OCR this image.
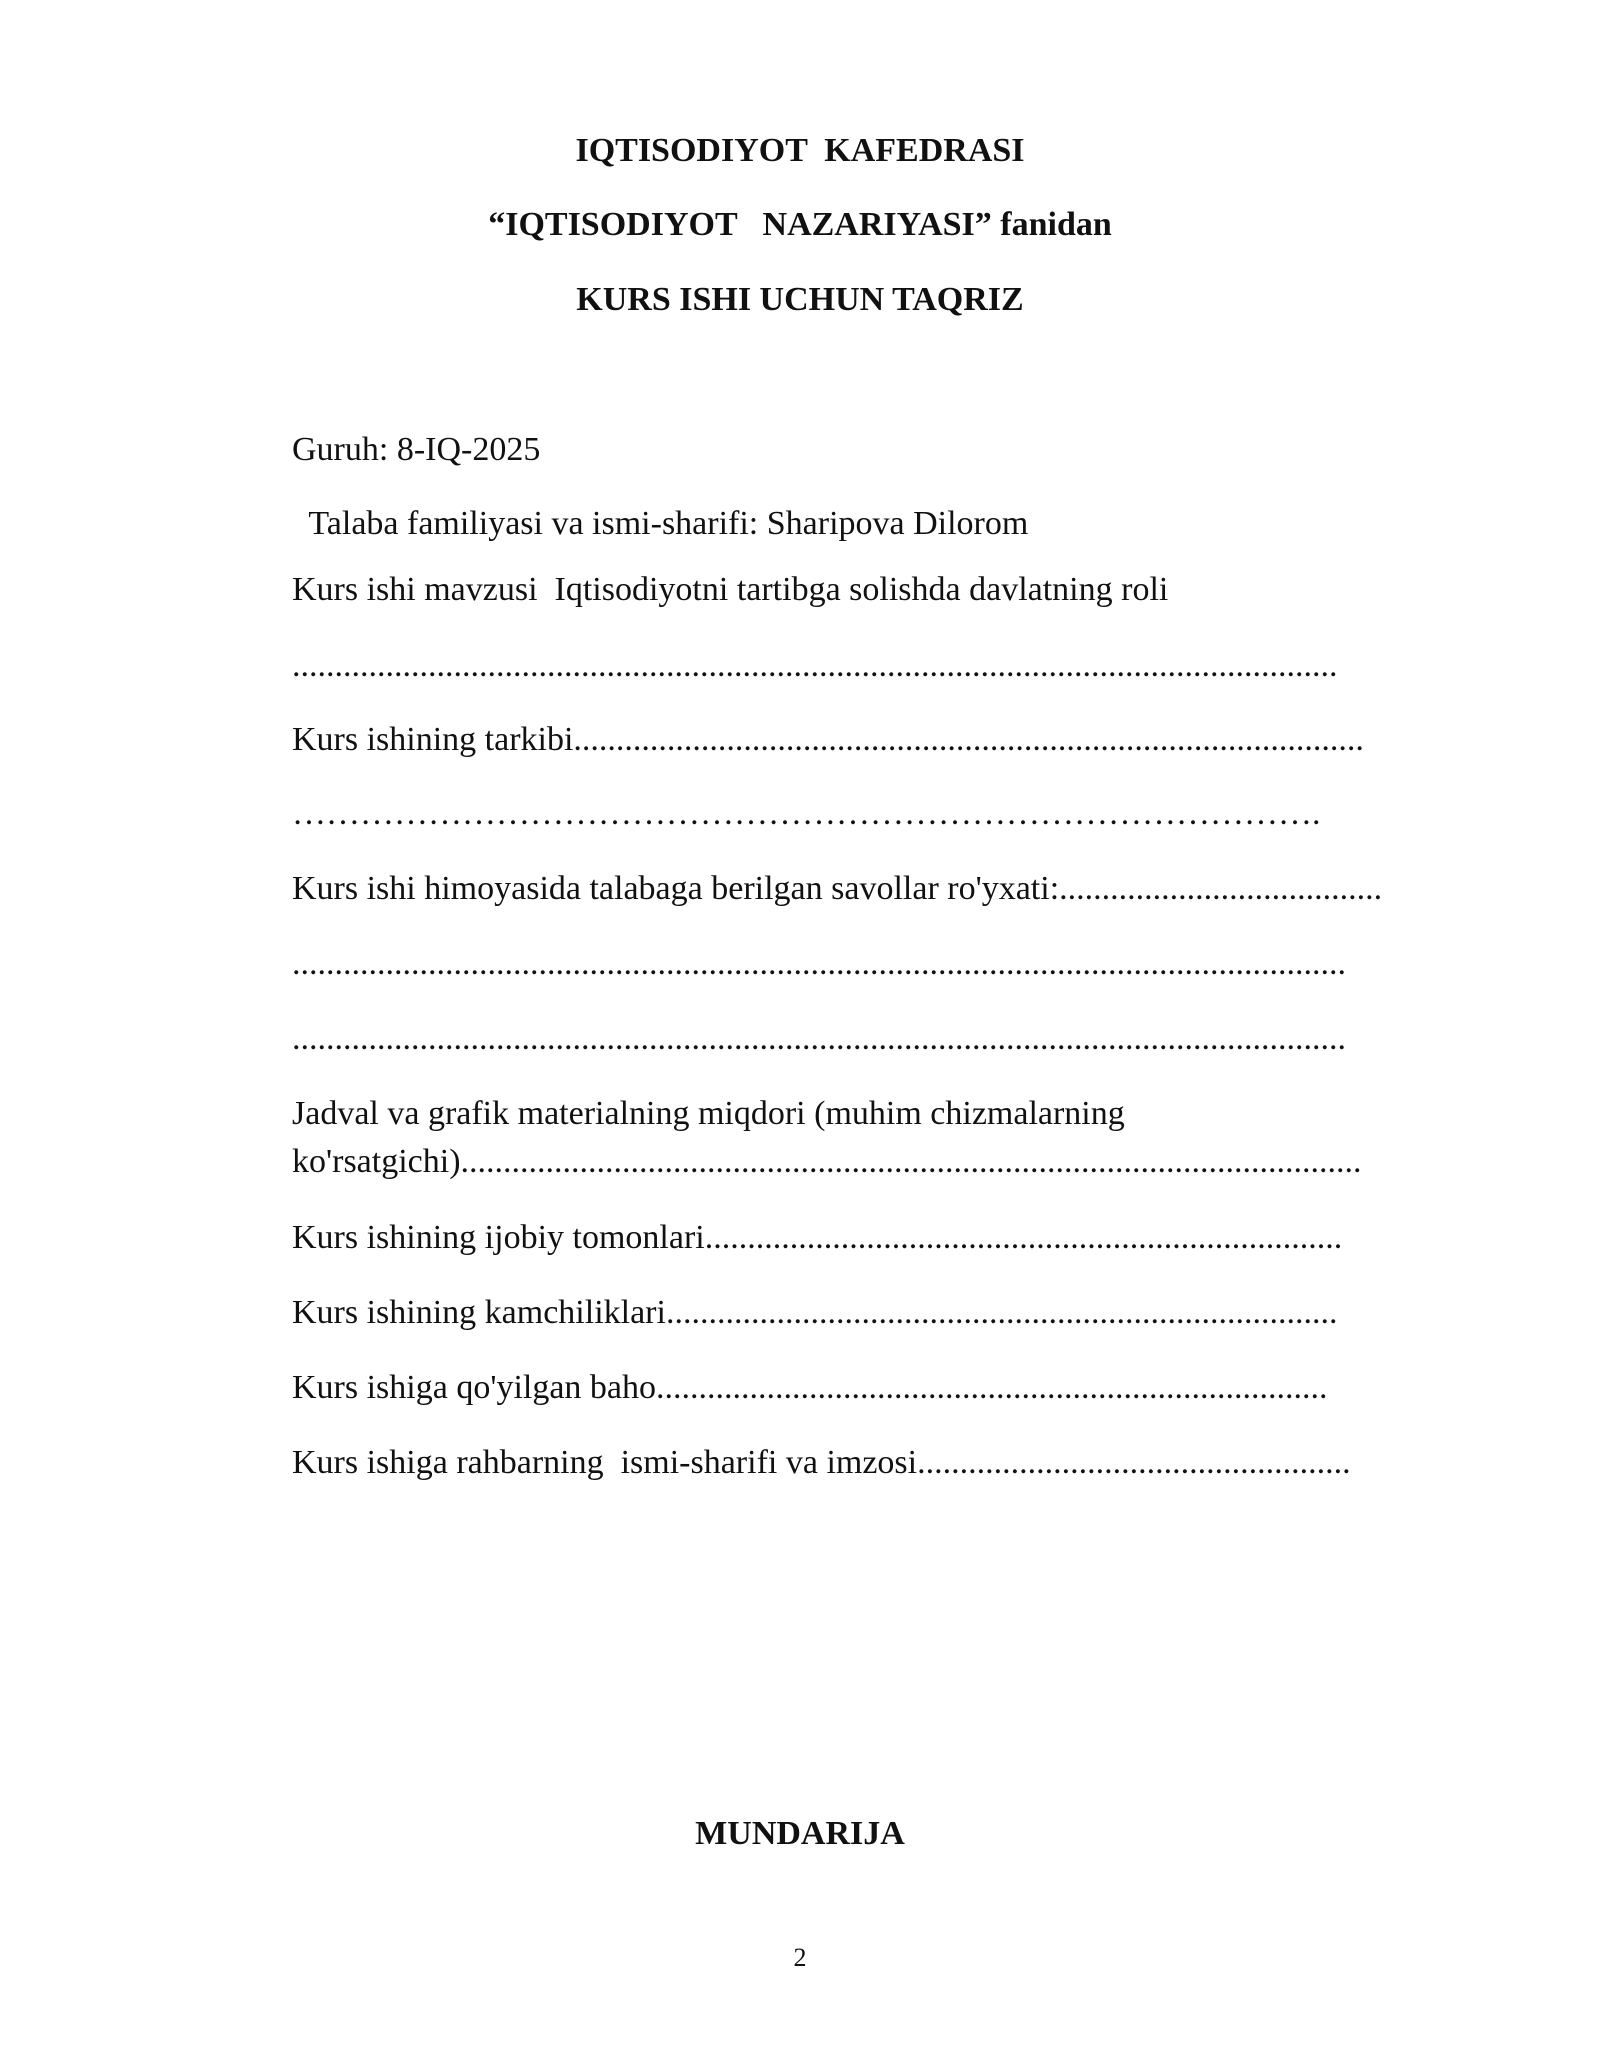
IQTISODIYOT  KAFEDRASI
“IQTISODIYOT   NAZARIYASI” fanidan
KURS ISHI UCHUN TAQRIZ
Guruh: 8-IQ-2025
Talaba familiyasi va ismi-sharifi: Sharipova Dilorom
Kurs ishi mavzusi  Iqtisodiyotni tartibga solishda davlatning roli
...........................................................................................................................
Kurs ishining tarkibi.............................................................................................
……………………………………………………………………………….
Kurs ishi himoyasida talabaga berilgan savollar ro'yxati:......................................
............................................................................................................................
............................................................................................................................
Jadval va grafik materialning miqdori (muhim chizmalarning ko'rsatgichi)..........................................................................................................
Kurs ishining ijobiy tomonlari...........................................................................
Kurs ishining kamchiliklari...............................................................................
Kurs ishiga qo'yilgan baho...............................................................................
Kurs ishiga rahbarning  ismi-sharifi va imzosi...................................................
MUNDARIJA
2
